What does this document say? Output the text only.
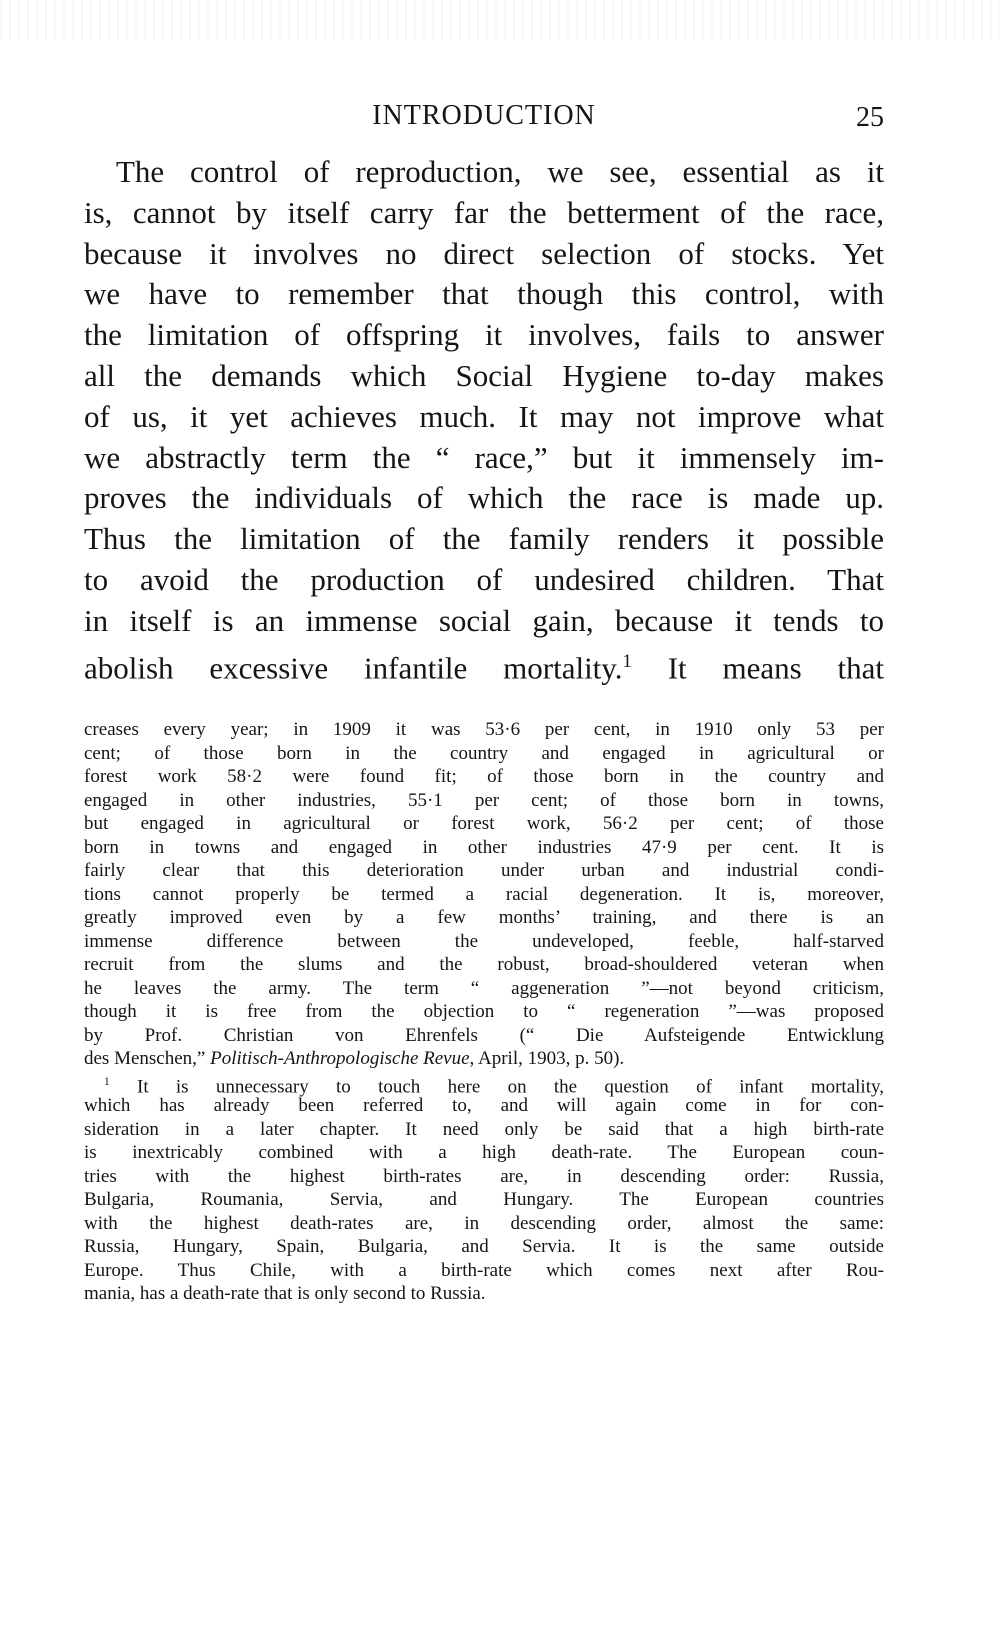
INTRODUCTION	25
The control of reproduction, we see, essential as it
is, cannot by itself carry far the betterment of the race,
because it involves no direct selection of stocks. Yet
we have to remember that though this control, with
the limitation of offspring it involves, fails to answer
all the demands which Social Hygiene to-day makes
of us, it yet achieves much. It may not improve what
we abstractly term the “ race,” but it immensely im-
proves the individuals of which the race is made up.
Thus the limitation of the family renders it possible
to avoid the production of undesired children. That
in itself is an immense social gain, because it tends to
abolish excessive infantile mortality.$^1$ It means that
creases every year; in 1909 it was 53·6 per cent, in 1910 only 53 per
cent; of those born in the country and engaged in agricultural or
forest work 58·2 were found fit; of those born in the country and
engaged in other industries, 55·1 per cent; of those born in towns,
but engaged in agricultural or forest work, 56·2 per cent; of those
born in towns and engaged in other industries 47·9 per cent. It is
fairly clear that this deterioration under urban and industrial condi-
tions cannot properly be termed a racial degeneration. It is, moreover,
greatly improved even by a few months’ training, and there is an
immense difference between the undeveloped, feeble, half-starved
recruit from the slums and the robust, broad-shouldered veteran when
he leaves the army. The term “ aggeneration ”—not beyond criticism,
though it is free from the objection to “ regeneration ”—was proposed
by Prof. Christian von Ehrenfels (“ Die Aufsteigende Entwicklung
des Menschen,” Politisch-Anthropologische Revue, April, 1903, p. 50).
$^1$ It is unnecessary to touch here on the question of infant mortality,
which has already been referred to, and will again come in for con-
sideration in a later chapter. It need only be said that a high birth-rate
is inextricably combined with a high death-rate. The European coun-
tries with the highest birth-rates are, in descending order: Russia,
Bulgaria, Roumania, Servia, and Hungary. The European countries
with the highest death-rates are, in descending order, almost the same:
Russia, Hungary, Spain, Bulgaria, and Servia. It is the same outside
Europe. Thus Chile, with a birth-rate which comes next after Rou-
mania, has a death-rate that is only second to Russia.
